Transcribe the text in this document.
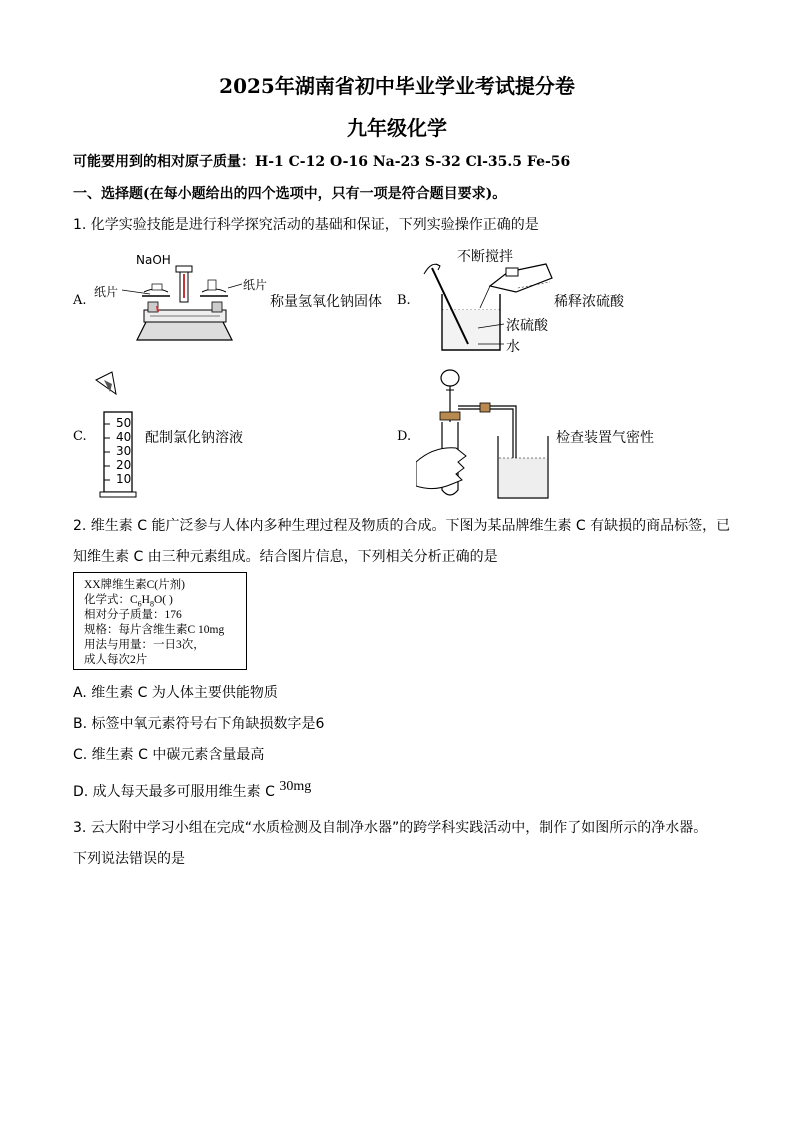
2025年湖南省初中毕业学业考试提分卷
九年级化学
可能要用到的相对原子质量：H-1 C-12 O-16 Na-23 S-32 Cl-35.5 Fe-56
一、选择题(在每小题给出的四个选项中，只有一项是符合题目要求)。
1. 化学实验技能是进行科学探究活动的基础和保证，下列实验操作正确的是
A.
NaOH
纸片	纸片
称量氢氧化钠固体 B.
不断搅拌
稀释浓硫酸
浓硫酸
水
C.
50
40
30
20
10
配制氯化钠溶液	D.	检查装置气密性
2. 维生素 C 能广泛参与人体内多种生理过程及物质的合成。下图为某品牌维生素 C 有缺损的商品标签，已
知维生素 C 由三种元素组成。结合图片信息，下列相关分析正确的是
XX牌维生素C(片剂)
化学式：$C_6H_8O$( )
相对分子质量：176
规格：每片含维生素C 10mg
用法与用量：一日3次，
成人每次2片
A. 维生素 C 为人体主要供能物质
B. 标签中氧元素符号右下角缺损数字是6
C. 维生素 C 中碳元素含量最高
D. 成人每天最多可服用维生素 C 30mg
3. 云大附中学习小组在完成“水质检测及自制净水器”的跨学科实践活动中，制作了如图所示的净水器。
下列说法错误的是
